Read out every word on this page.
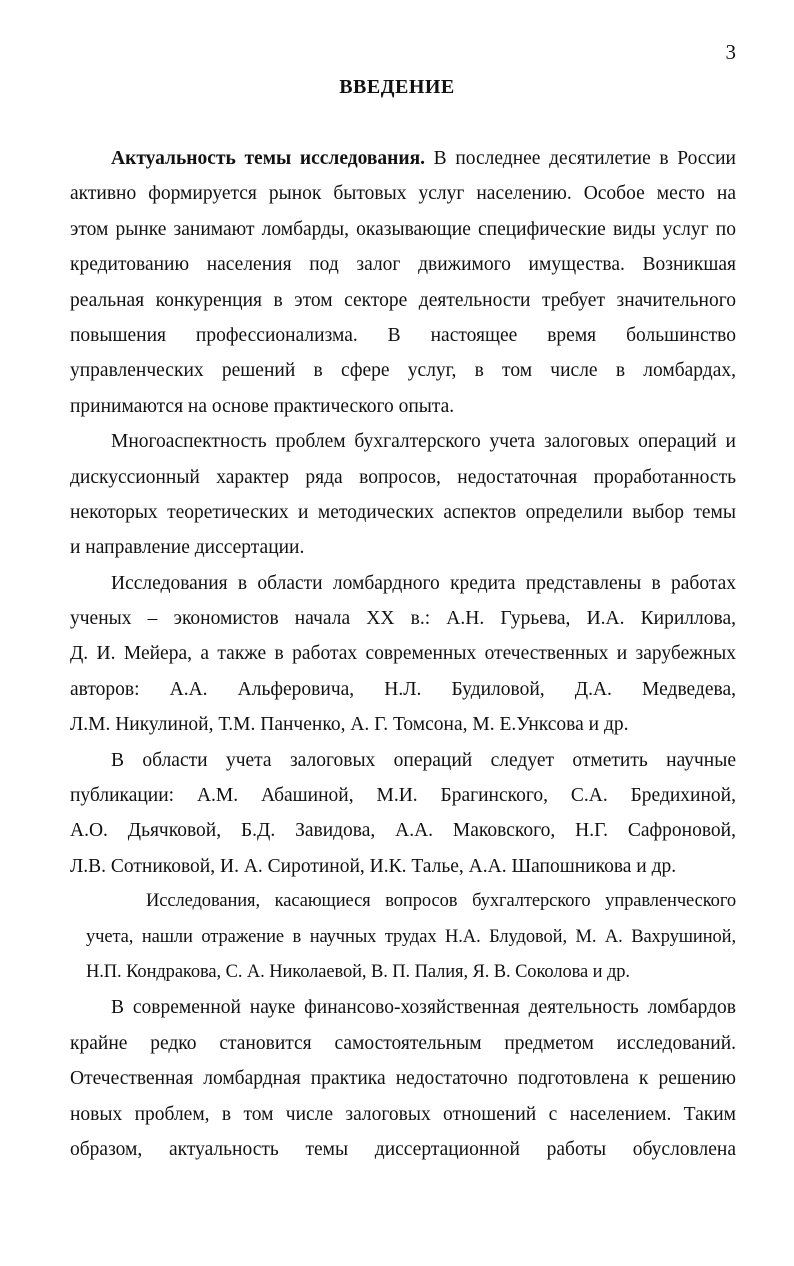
3
ВВЕДЕНИЕ
Актуальность темы исследования. В последнее десятилетие в России
активно формируется рынок бытовых услуг населению. Особое место на
этом рынке занимают ломбарды, оказывающие специфические виды услуг по
кредитованию населения под залог движимого имущества. Возникшая
реальная конкуренция в этом секторе деятельности требует значительного
повышения профессионализма. В настоящее время большинство
управленческих решений в сфере услуг, в том числе в ломбардах,
принимаются на основе практического опыта.
Многоаспектность проблем бухгалтерского учета залоговых операций и
дискуссионный характер ряда вопросов, недостаточная проработанность
некоторых теоретических и методических аспектов определили выбор темы
и направление диссертации.
Исследования в области ломбардного кредита представлены в работах
ученых – экономистов начала XX в.: А.Н. Гурьева, И.А. Кириллова,
Д. И. Мейера, а также в работах современных отечественных и зарубежных
авторов: А.А. Альферовича, Н.Л. Будиловой, Д.А. Медведева,
Л.М. Никулиной, Т.М. Панченко, А. Г. Томсона, М. Е.Унксова и др.
В области учета залоговых операций следует отметить научные
публикации: А.М. Абашиной, М.И. Брагинского, С.А. Бредихиной,
А.О. Дьячковой, Б.Д. Завидова, А.А. Маковского, Н.Г. Сафроновой,
Л.В. Сотниковой, И. А. Сиротиной, И.К. Талье, А.А. Шапошникова и др.
Исследования, касающиеся вопросов бухгалтерского управленческого
учета, нашли отражение в научных трудах Н.А. Блудовой, М. А. Вахрушиной,
Н.П. Кондракова, С. А. Николаевой, В. П. Палия, Я. В. Соколова и др.
В современной науке финансово-хозяйственная деятельность ломбардов
крайне редко становится самостоятельным предметом исследований.
Отечественная ломбардная практика недостаточно подготовлена к решению
новых проблем, в том числе залоговых отношений с населением. Таким
образом, актуальность темы диссертационной работы обусловлена
